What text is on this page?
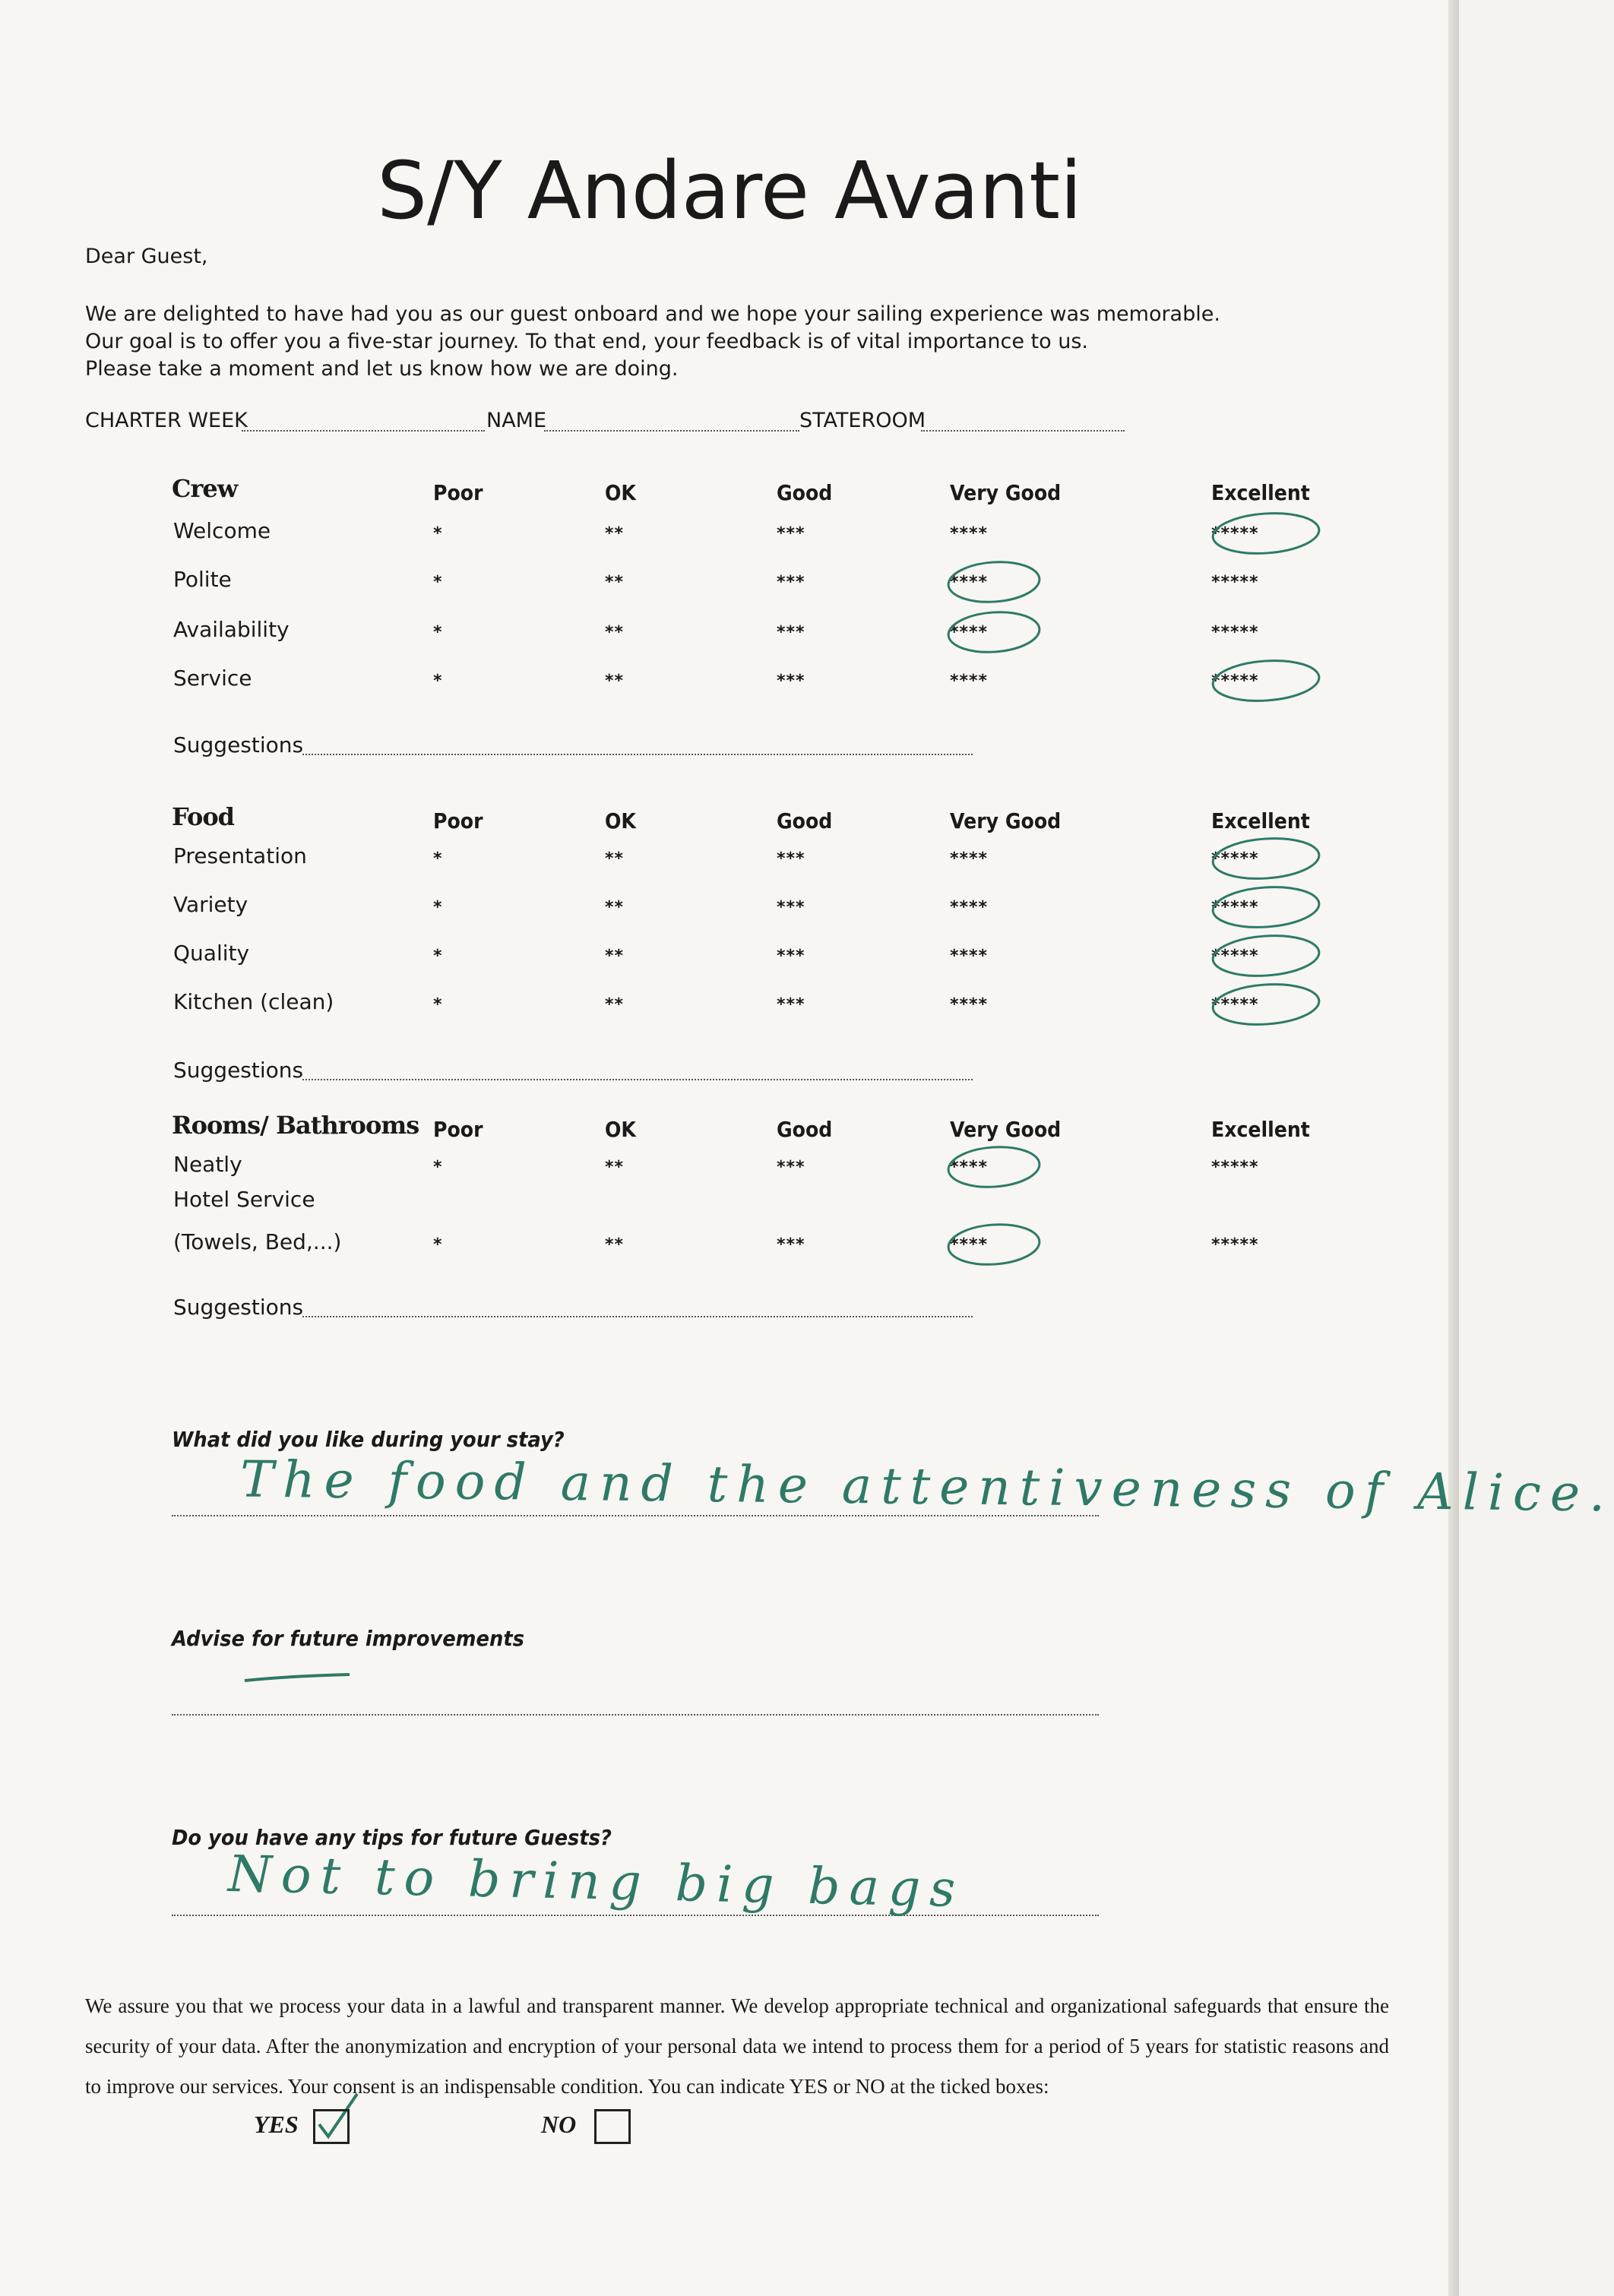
S/Y Andare Avanti
Dear Guest,
We are delighted to have had you as our guest onboard and we hope your sailing experience was memorable.
Our goal is to offer you a five-star journey. To that end, your feedback is of vital importance to us.
Please take a moment and let us know how we are doing.
CHARTER WEEK	NAME	STATEROOM
Crew	Poor	OK	Good	Very Good	Excellent
Welcome	*	**	***	****	*****
Polite	*	**	***	****	*****
Availability	*	**	***	****	*****
Service	*	**	***	****	*****
Suggestions
Food	Poor	OK	Good	Very Good	Excellent
Presentation	*	**	***	****	*****
Variety	*	**	***	****	*****
Quality	*	**	***	****	*****
Kitchen (clean)	*	**	***	****	*****
Suggestions
Rooms/ Bathrooms Poor	OK	Good	Very Good	Excellent
Neatly	*	**	***	****	*****
Hotel Service
(Towels, Bed,...)	*	**	***	****	*****
Suggestions
What did you like during your stay?
The food and the attentiveness of Alice.
Advise for future improvements
Do you have any tips for future Guests?
Not to bring big bags
We assure you that we process your data in a lawful and transparent manner. We develop appropriate technical and organizational safeguards that ensure the security of your data. After the anonymization and encryption of your personal data we intend to process them for a period of 5 years for statistic reasons and to improve our services. Your consent is an indispensable condition. You can indicate YES or NO at the ticked boxes:
YES	NO
